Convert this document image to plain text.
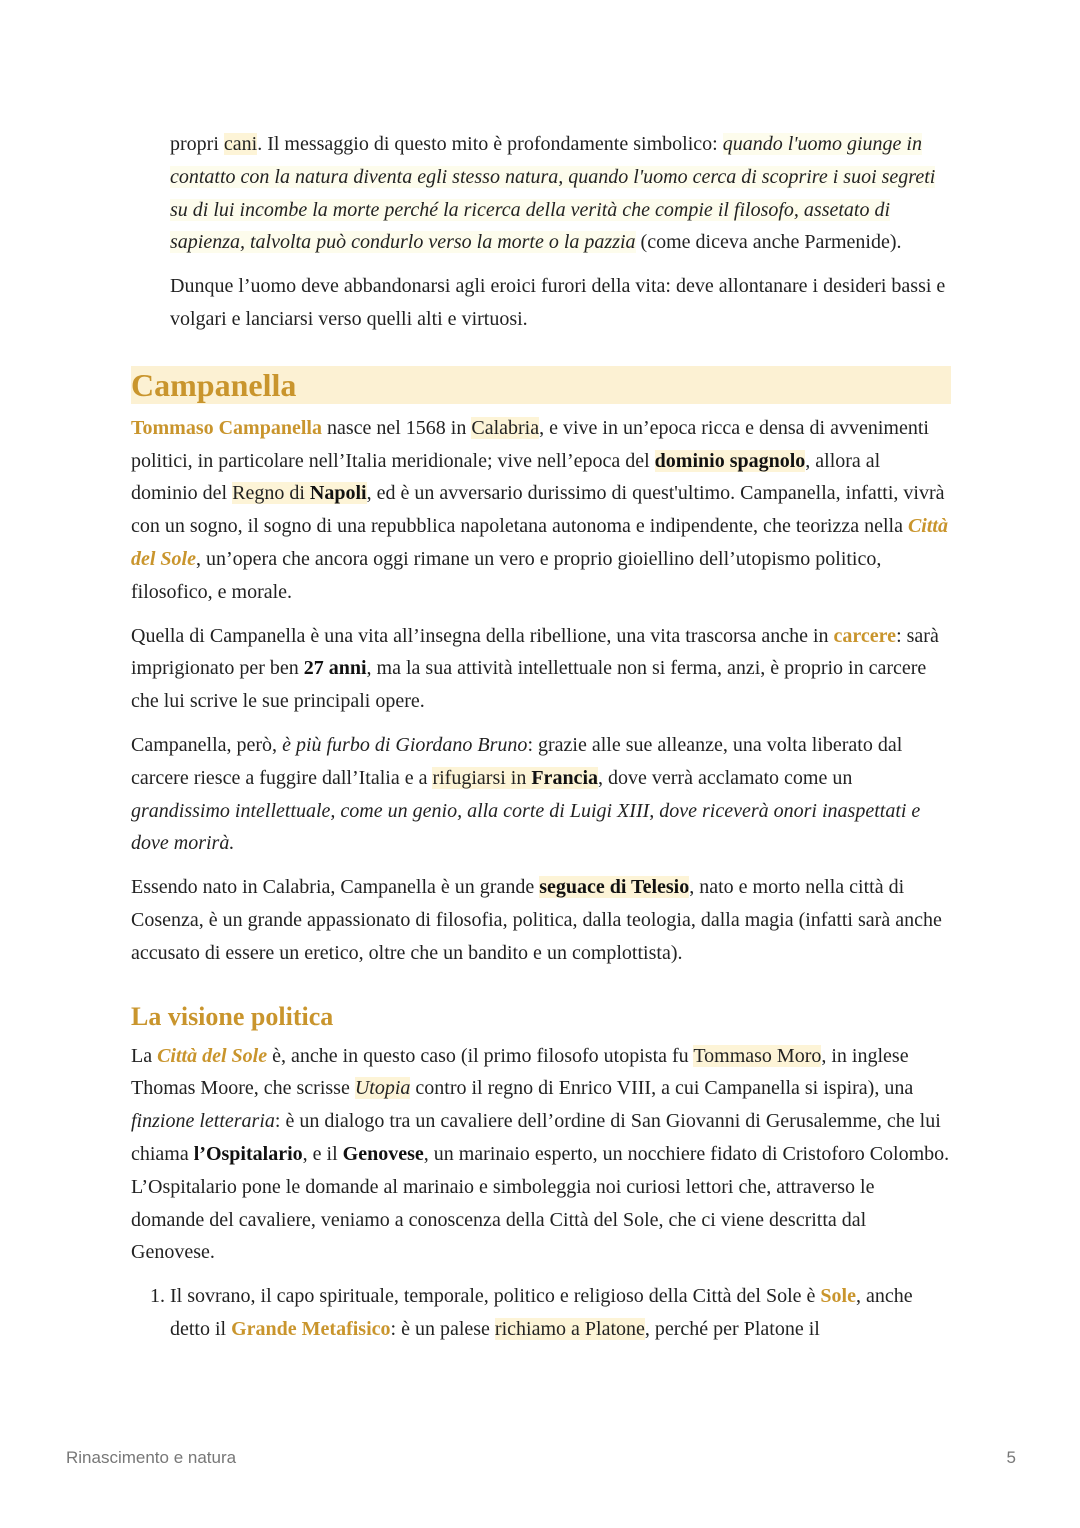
propri cani. Il messaggio di questo mito è profondamente simbolico: quando l'uomo giunge in contatto con la natura diventa egli stesso natura, quando l'uomo cerca di scoprire i suoi segreti su di lui incombe la morte perché la ricerca della verità che compie il filosofo, assetato di sapienza, talvolta può condurlo verso la morte o la pazzia (come diceva anche Parmenide).

Dunque l’uomo deve abbandonarsi agli eroici furori della vita: deve allontanare i desideri bassi e volgari e lanciarsi verso quelli alti e virtuosi.

Campanella

Tommaso Campanella nasce nel 1568 in Calabria, e vive in un’epoca ricca e densa di avvenimenti politici, in particolare nell’Italia meridionale; vive nell’epoca del dominio spagnolo, allora al dominio del Regno di Napoli, ed è un avversario durissimo di quest'ultimo. Campanella, infatti, vivrà con un sogno, il sogno di una repubblica napoletana autonoma e indipendente, che teorizza nella Città del Sole, un’opera che ancora oggi rimane un vero e proprio gioiellino dell’utopismo politico, filosofico, e morale.

Quella di Campanella è una vita all’insegna della ribellione, una vita trascorsa anche in carcere: sarà imprigionato per ben 27 anni, ma la sua attività intellettuale non si ferma, anzi, è proprio in carcere che lui scrive le sue principali opere.

Campanella, però, è più furbo di Giordano Bruno: grazie alle sue alleanze, una volta liberato dal carcere riesce a fuggire dall’Italia e a rifugiarsi in Francia, dove verrà acclamato come un grandissimo intellettuale, come un genio, alla corte di Luigi XIII, dove riceverà onori inaspettati e dove morirà.

Essendo nato in Calabria, Campanella è un grande seguace di Telesio, nato e morto nella città di Cosenza, è un grande appassionato di filosofia, politica, dalla teologia, dalla magia (infatti sarà anche accusato di essere un eretico, oltre che un bandito e un complottista).

La visione politica

La Città del Sole è, anche in questo caso (il primo filosofo utopista fu Tommaso Moro, in inglese Thomas Moore, che scrisse Utopia contro il regno di Enrico VIII, a cui Campanella si ispira), una finzione letteraria: è un dialogo tra un cavaliere dell’ordine di San Giovanni di Gerusalemme, che lui chiama l’Ospitalario, e il Genovese, un marinaio esperto, un nocchiere fidato di Cristoforo Colombo. L’Ospitalario pone le domande al marinaio e simboleggia noi curiosi lettori che, attraverso le domande del cavaliere, veniamo a conoscenza della Città del Sole, che ci viene descritta dal Genovese.

1. Il sovrano, il capo spirituale, temporale, politico e religioso della Città del Sole è Sole, anche detto il Grande Metafisico: è un palese richiamo a Platone, perché per Platone il
Rinascimento e natura	5
